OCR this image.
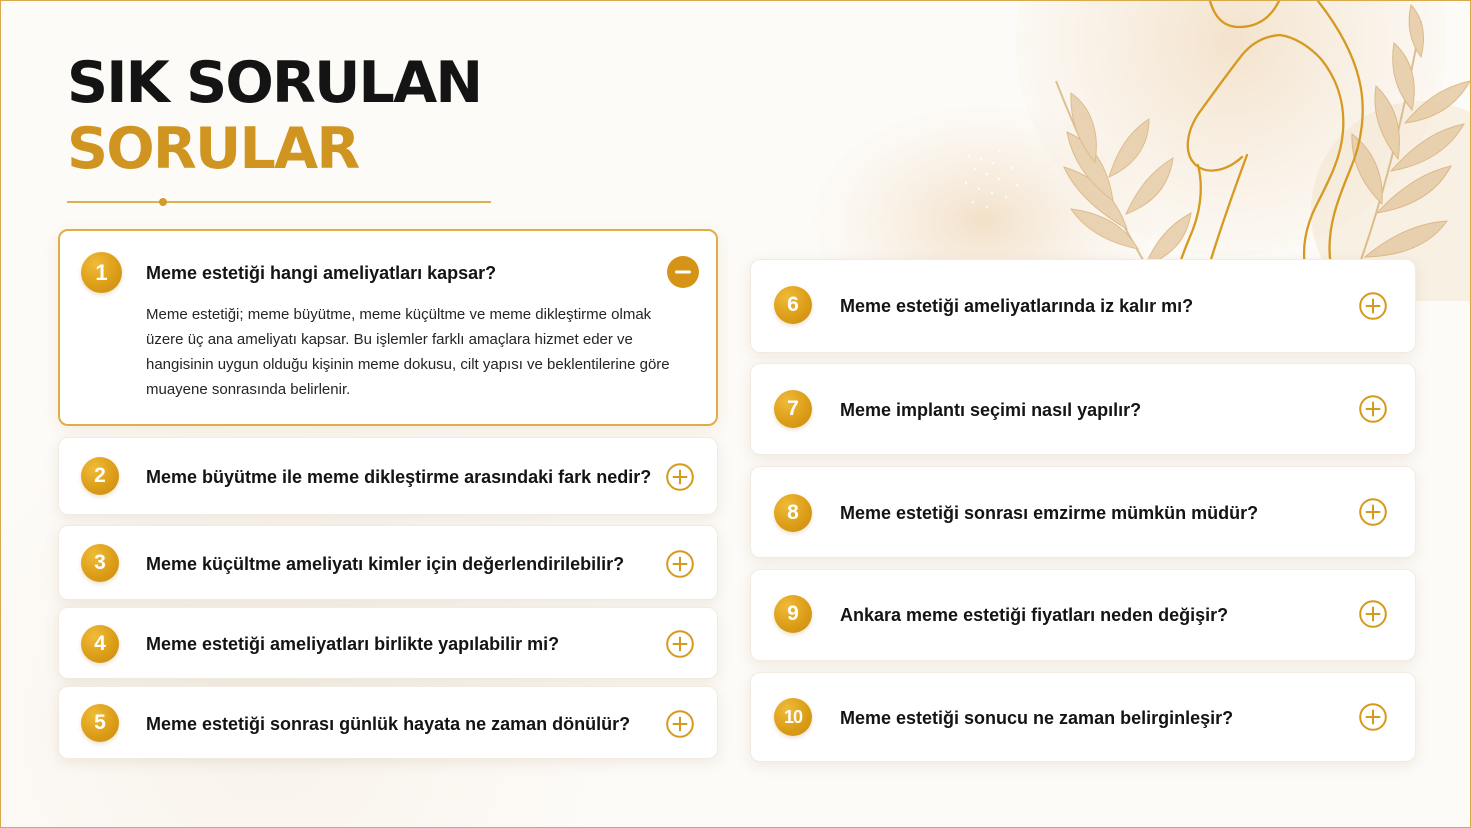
SIK SORULAN
SORULAR
1	Meme estetiği hangi ameliyatları kapsar?
Meme estetiği; meme büyütme, meme küçültme ve meme dikleştirme olmak üzere üç ana ameliyatı kapsar. Bu işlemler farklı amaçlara hizmet eder ve hangisinin uygun olduğu kişinin meme dokusu, cilt yapısı ve beklentilerine göre muayene sonrasında belirlenir.
2	Meme büyütme ile meme dikleştirme arasındaki fark nedir?
3	Meme küçültme ameliyatı kimler için değerlendirilebilir?
4	Meme estetiği ameliyatları birlikte yapılabilir mi?
5	Meme estetiği sonrası günlük hayata ne zaman dönülür?
6	Meme estetiği ameliyatlarında iz kalır mı?
7	Meme implantı seçimi nasıl yapılır?
8	Meme estetiği sonrası emzirme mümkün müdür?
9	Ankara meme estetiği fiyatları neden değişir?
10	Meme estetiği sonucu ne zaman belirginleşir?
